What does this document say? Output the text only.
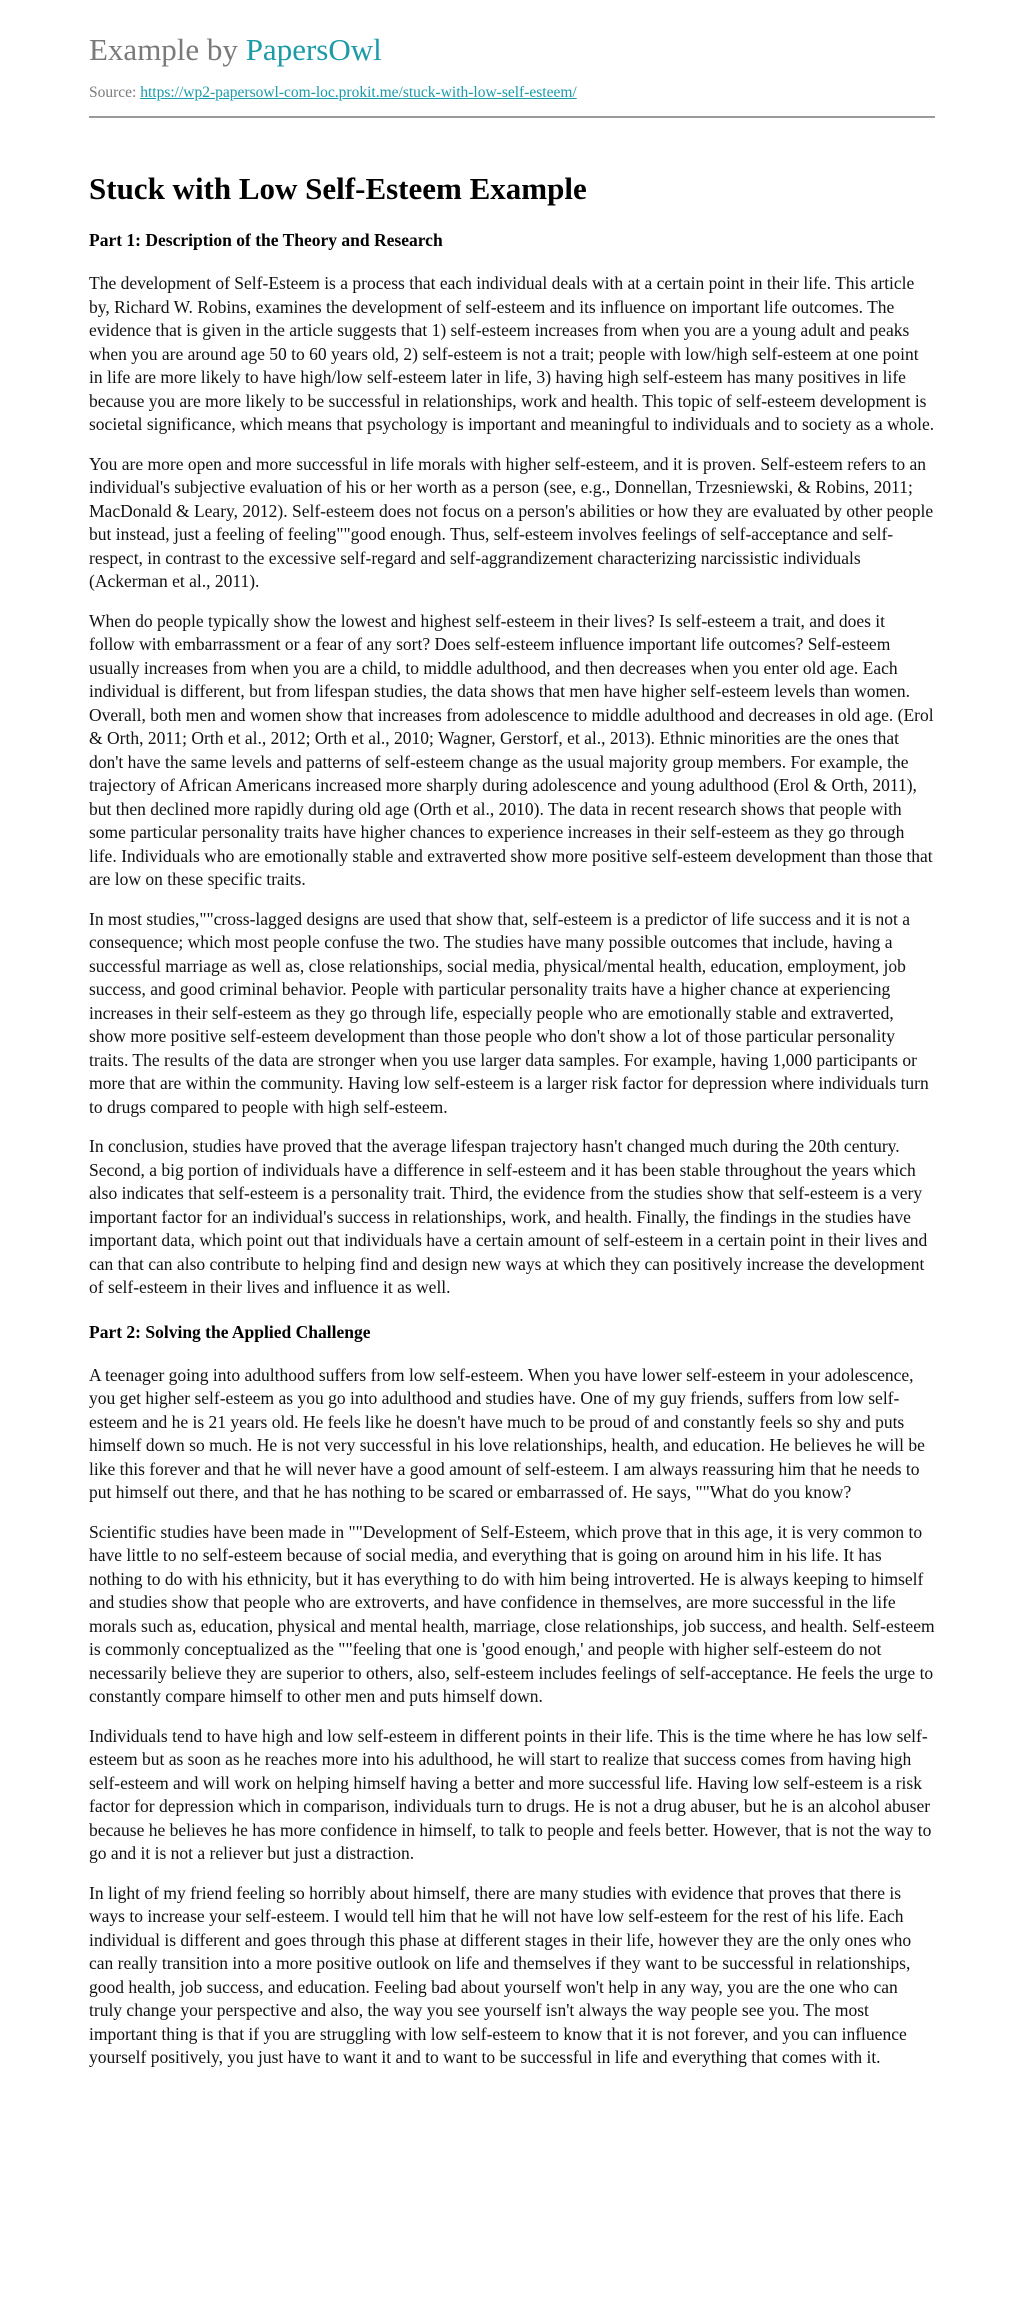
Example by PapersOwl
Source: https://wp2-papersowl-com-loc.prokit.me/stuck-with-low-self-esteem/
Stuck with Low Self-Esteem Example
Part 1: Description of the Theory and Research

The development of Self-Esteem is a process that each individual deals with at a certain point in their life. This article by, Richard W. Robins, examines the development of self-esteem and its influence on important life outcomes. The evidence that is given in the article suggests that 1) self-esteem increases from when you are a young adult and peaks when you are around age 50 to 60 years old, 2) self-esteem is not a trait; people with low/high self-esteem at one point in life are more likely to have high/low self-esteem later in life, 3) having high self-esteem has many positives in life because you are more likely to be successful in relationships, work and health. This topic of self-esteem development is societal significance, which means that psychology is important and meaningful to individuals and to society as a whole.

You are more open and more successful in life morals with higher self-esteem, and it is proven. Self-esteem refers to an individual's subjective evaluation of his or her worth as a person (see, e.g., Donnellan, Trzesniewski, & Robins, 2011; MacDonald & Leary, 2012). Self-esteem does not focus on a person's abilities or how they are evaluated by other people but instead, just a feeling of feeling""good enough. Thus, self-esteem involves feelings of self-acceptance and self-respect, in contrast to the excessive self-regard and self-aggrandizement characterizing narcissistic individuals (Ackerman et al., 2011).

When do people typically show the lowest and highest self-esteem in their lives? Is self-esteem a trait, and does it follow with embarrassment or a fear of any sort? Does self-esteem influence important life outcomes? Self-esteem usually increases from when you are a child, to middle adulthood, and then decreases when you enter old age. Each individual is different, but from lifespan studies, the data shows that men have higher self-esteem levels than women. Overall, both men and women show that increases from adolescence to middle adulthood and decreases in old age. (Erol & Orth, 2011; Orth et al., 2012; Orth et al., 2010; Wagner, Gerstorf, et al., 2013). Ethnic minorities are the ones that don't have the same levels and patterns of self-esteem change as the usual majority group members. For example, the trajectory of African Americans increased more sharply during adolescence and young adulthood (Erol & Orth, 2011), but then declined more rapidly during old age (Orth et al., 2010). The data in recent research shows that people with some particular personality traits have higher chances to experience increases in their self-esteem as they go through life. Individuals who are emotionally stable and extraverted show more positive self-esteem development than those that are low on these specific traits.

In most studies,""cross-lagged designs are used that show that, self-esteem is a predictor of life success and it is not a consequence; which most people confuse the two. The studies have many possible outcomes that include, having a successful marriage as well as, close relationships, social media, physical/mental health, education, employment, job success, and good criminal behavior. People with particular personality traits have a higher chance at experiencing increases in their self-esteem as they go through life, especially people who are emotionally stable and extraverted, show more positive self-esteem development than those people who don't show a lot of those particular personality traits. The results of the data are stronger when you use larger data samples. For example, having 1,000 participants or more that are within the community. Having low self-esteem is a larger risk factor for depression where individuals turn to drugs compared to people with high self-esteem.

In conclusion, studies have proved that the average lifespan trajectory hasn't changed much during the 20th century. Second, a big portion of individuals have a difference in self-esteem and it has been stable throughout the years which also indicates that self-esteem is a personality trait. Third, the evidence from the studies show that self-esteem is a very important factor for an individual's success in relationships, work, and health. Finally, the findings in the studies have important data, which point out that individuals have a certain amount of self-esteem in a certain point in their lives and can that can also contribute to helping find and design new ways at which they can positively increase the development of self-esteem in their lives and influence it as well.

Part 2: Solving the Applied Challenge

A teenager going into adulthood suffers from low self-esteem. When you have lower self-esteem in your adolescence, you get higher self-esteem as you go into adulthood and studies have. One of my guy friends, suffers from low self-esteem and he is 21 years old. He feels like he doesn't have much to be proud of and constantly feels so shy and puts himself down so much. He is not very successful in his love relationships, health, and education. He believes he will be like this forever and that he will never have a good amount of self-esteem. I am always reassuring him that he needs to put himself out there, and that he has nothing to be scared or embarrassed of. He says, ""What do you know?

Scientific studies have been made in ""Development of Self-Esteem, which prove that in this age, it is very common to have little to no self-esteem because of social media, and everything that is going on around him in his life. It has nothing to do with his ethnicity, but it has everything to do with him being introverted. He is always keeping to himself and studies show that people who are extroverts, and have confidence in themselves, are more successful in the life morals such as, education, physical and mental health, marriage, close relationships, job success, and health. Self-esteem is commonly conceptualized as the ""feeling that one is 'good enough,' and people with higher self-esteem do not necessarily believe they are superior to others, also, self-esteem includes feelings of self-acceptance. He feels the urge to constantly compare himself to other men and puts himself down.

Individuals tend to have high and low self-esteem in different points in their life. This is the time where he has low self-esteem but as soon as he reaches more into his adulthood, he will start to realize that success comes from having high self-esteem and will work on helping himself having a better and more successful life. Having low self-esteem is a risk factor for depression which in comparison, individuals turn to drugs. He is not a drug abuser, but he is an alcohol abuser because he believes he has more confidence in himself, to talk to people and feels better. However, that is not the way to go and it is not a reliever but just a distraction.

In light of my friend feeling so horribly about himself, there are many studies with evidence that proves that there is ways to increase your self-esteem. I would tell him that he will not have low self-esteem for the rest of his life. Each individual is different and goes through this phase at different stages in their life, however they are the only ones who can really transition into a more positive outlook on life and themselves if they want to be successful in relationships, good health, job success, and education. Feeling bad about yourself won't help in any way, you are the one who can truly change your perspective and also, the way you see yourself isn't always the way people see you. The most important thing is that if you are struggling with low self-esteem to know that it is not forever, and you can influence yourself positively, you just have to want it and to want to be successful in life and everything that comes with it.
